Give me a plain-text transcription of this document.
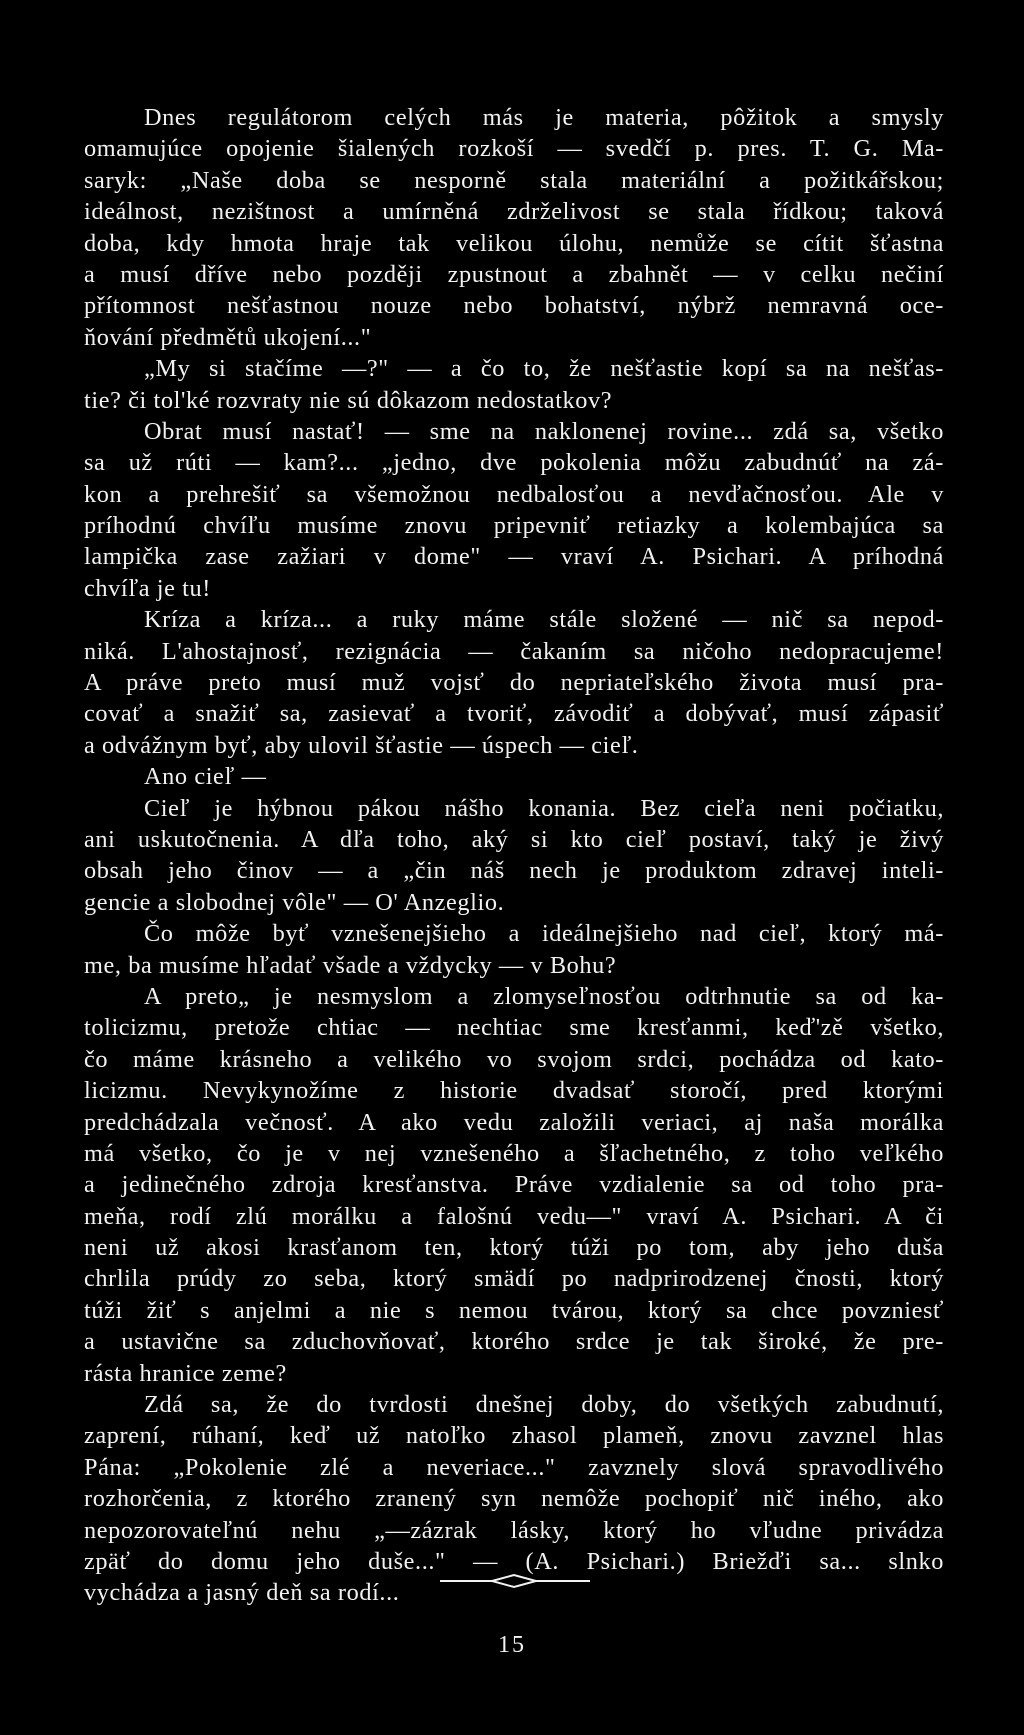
Dnes regulátorom celých más je materia, pôžitok a smysly
omamujúce opojenie šialených rozkoší — svedčí p. pres. T. G. Ma-
saryk: „Naše doba se nesporně stala materiální a požitkářskou;
ideálnost, nezištnost a umírněná zdrželivost se stala řídkou; taková
doba, kdy hmota hraje tak velikou úlohu, nemůže se cítit šťastna
a musí dříve nebo později zpustnout a zbahnět — v celku nečiní
přítomnost nešťastnou nouze nebo bohatství, nýbrž nemravná oce-
ňování předmětů ukojení..."
„My si stačíme —?" — a čo to, že nešťastie kopí sa na nešťas-
tie? či tol'ké rozvraty nie sú dôkazom nedostatkov?
Obrat musí nastať! — sme na naklonenej rovine... zdá sa, všetko
sa už rúti — kam?... „jedno, dve pokolenia môžu zabudnúť na zá-
kon a prehrešiť sa všemožnou nedbalosťou a nevďačnosťou. Ale v
príhodnú chvíľu musíme znovu pripevniť retiazky a kolembajúca sa
lampička zase zažiari v dome" — vraví A. Psichari. A príhodná
chvíľa je tu!
Kríza a kríza... a ruky máme stále složené — nič sa nepod-
niká. L'ahostajnosť, rezignácia — čakaním sa ničoho nedopracujeme!
A práve preto musí muž vojsť do nepriateľského života musí pra-
covať a snažiť sa, zasievať a tvoriť, závodiť a dobývať, musí zápasiť
a odvážnym byť, aby ulovil šťastie — úspech — cieľ.
Ano cieľ —
Cieľ je hýbnou pákou nášho konania. Bez cieľa neni počiatku,
ani uskutočnenia. A dľa toho, aký si kto cieľ postaví, taký je živý
obsah jeho činov — a „čin náš nech je produktom zdravej inteli-
gencie a slobodnej vôle" — O' Anzeglio.
Čo môže byť vznešenejšieho a ideálnejšieho nad cieľ, ktorý má-
me, ba musíme hľadať všade a vždycky — v Bohu?
A preto„ je nesmyslom a zlomyseľnosťou odtrhnutie sa od ka-
tolicizmu, pretože chtiac — nechtiac sme kresťanmi, keď'zě všetko,
čo máme krásneho a velikého vo svojom srdci, pochádza od kato-
licizmu. Nevykynožíme z historie dvadsať storočí, pred ktorými
predchádzala večnosť. A ako vedu založili veriaci, aj naša morálka
má všetko, čo je v nej vznešeného a šľachetného, z toho veľkého
a jedinečného zdroja kresťanstva. Práve vzdialenie sa od toho pra-
meňa, rodí zlú morálku a falošnú vedu—" vraví A. Psichari. A či
neni už akosi krasťanom ten, ktorý túži po tom, aby jeho duša
chrlila prúdy zo seba, ktorý smädí po nadprirodzenej čnosti, ktorý
túži žiť s anjelmi a nie s nemou tvárou, ktorý sa chce povzniesť
a ustavične sa zduchovňovať, ktorého srdce je tak široké, že pre-
rásta hranice zeme?
Zdá sa, že do tvrdosti dnešnej doby, do všetkých zabudnutí,
zaprení, rúhaní, keď už natoľko zhasol plameň, znovu zavznel hlas
Pána: „Pokolenie zlé a neveriace..." zavznely slová spravodlivého
rozhorčenia, z ktorého zranený syn nemôže pochopiť nič iného, ako
nepozorovateľnú nehu „—zázrak lásky, ktorý ho vľudne privádza
zpäť do domu jeho duše..." — (A. Psichari.) Briežďi sa... slnko
vychádza a jasný deň sa rodí...
15
